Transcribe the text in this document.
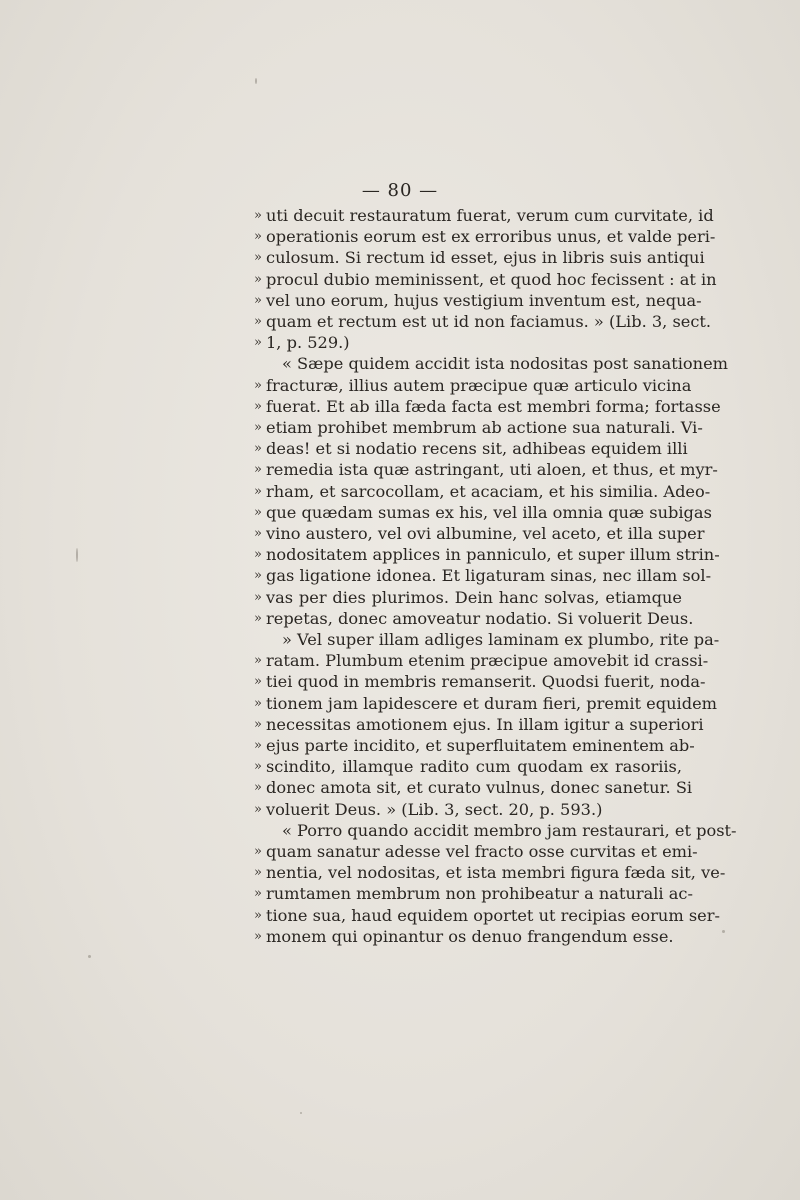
— 80 —
» uti decuit restauratum fuerat, verum cum curvitate, id
» operationis eorum est ex erroribus unus, et valde peri-
» culosum. Si rectum id esset, ejus in libris suis antiqui
» procul dubio meminissent, et quod hoc fecissent : at in
» vel uno eorum, hujus vestigium inventum est, nequa-
» quam et rectum est ut id non faciamus. » (Lib. 3, sect.
» 1, p. 529.)
« Sæpe quidem accidit ista nodositas post sanationem
» fracturæ, illius autem præcipue quæ articulo vicina
» fuerat. Et ab illa fæda facta est membri forma; fortasse
» etiam prohibet membrum ab actione sua naturali. Vi-
» deas! et si nodatio recens sit, adhibeas equidem illi
» remedia ista quæ astringant, uti aloen, et thus, et myr-
» rham, et sarcocollam, et acaciam, et his similia. Adeo-
» que quædam sumas ex his, vel illa omnia quæ subigas
» vino austero, vel ovi albumine, vel aceto, et illa super
» nodositatem applices in panniculo, et super illum strin-
» gas ligatione idonea. Et ligaturam sinas, nec illam sol-
» vas per dies plurimos. Dein hanc solvas, etiamque
» repetas, donec amoveatur nodatio. Si voluerit Deus.
» Vel super illam adliges laminam ex plumbo, rite pa-
» ratam. Plumbum etenim præcipue amovebit id crassi-
» tiei quod in membris remanserit. Quodsi fuerit, noda-
» tionem jam lapidescere et duram fieri, premit equidem
» necessitas amotionem ejus. In illam igitur a superiori
» ejus parte incidito, et superfluitatem eminentem ab-
» scindito, illamque radito cum quodam ex rasoriis,
» donec amota sit, et curato vulnus, donec sanetur. Si
» voluerit Deus. » (Lib. 3, sect. 20, p. 593.)
« Porro quando accidit membro jam restaurari, et post-
» quam sanatur adesse vel fracto osse curvitas et emi-
» nentia, vel nodositas, et ista membri figura fæda sit, ve-
» rumtamen membrum non prohibeatur a naturali ac-
» tione sua, haud equidem oportet ut recipias eorum ser-
» monem qui opinantur os denuo frangendum esse.
